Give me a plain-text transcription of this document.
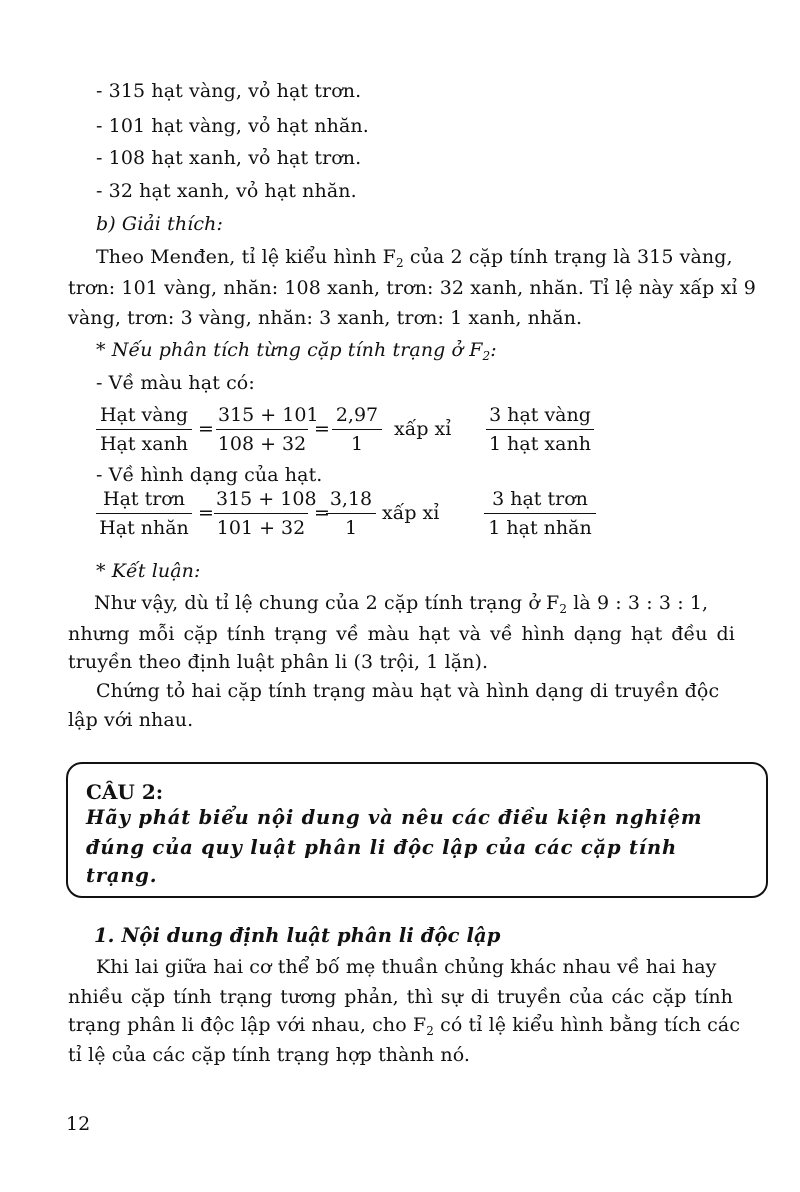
- 315 hạt vàng, vỏ hạt trơn.
- 101 hạt vàng, vỏ hạt nhăn.
- 108 hạt xanh, vỏ hạt trơn.
- 32 hạt xanh, vỏ hạt nhăn.
b) Giải thích:
Theo Menđen, tỉ lệ kiểu hình $F_2$ của 2 cặp tính trạng là 315 vàng,
trơn: 101 vàng, nhăn: 108 xanh, trơn: 32 xanh, nhăn. Tỉ lệ này xấp xỉ 9
vàng, trơn: 3 vàng, nhăn: 3 xanh, trơn: 1 xanh, nhăn.
* Nếu phân tích từng cặp tính trạng ở $F_2$:
- Về màu hạt có:
Hạt vàng
Hạt xanh
= $\frac{315 + 101}{108 + 32} = \frac{2,97}{1}$ xấp xỉ
3 hạt vàng
1 hạt xanh
- Về hình dạng của hạt.
Hạt trơn
Hạt nhăn
= $\frac{315 + 108}{101 + 32}$ =
$\frac{3,18}{1}$ xấp xỉ
3 hạt trơn
1 hạt nhăn
* Kết luận:
Như vậy, dù tỉ lệ chung của 2 cặp tính trạng ở $F_2$ là 9 : 3 : 3 : 1,
nhưng mỗi cặp tính trạng về màu hạt và về hình dạng hạt đều di
truyền theo định luật phân li (3 trội, 1 lặn).
Chứng tỏ hai cặp tính trạng màu hạt và hình dạng di truyền độc
lập với nhau.
CÂU 2:
Hãy phát biểu nội dung và nêu các điều kiện nghiệm
đúng của quy luật phân li độc lập của các cặp tính
trạng.
1. Nội dung định luật phân li độc lập
Khi lai giữa hai cơ thể bố mẹ thuần chủng khác nhau về hai hay
nhiều cặp tính trạng tương phản, thì sự di truyền của các cặp tính
trạng phân li độc lập với nhau, cho $F_2$ có tỉ lệ kiểu hình bằng tích các
tỉ lệ của các cặp tính trạng hợp thành nó.
12
